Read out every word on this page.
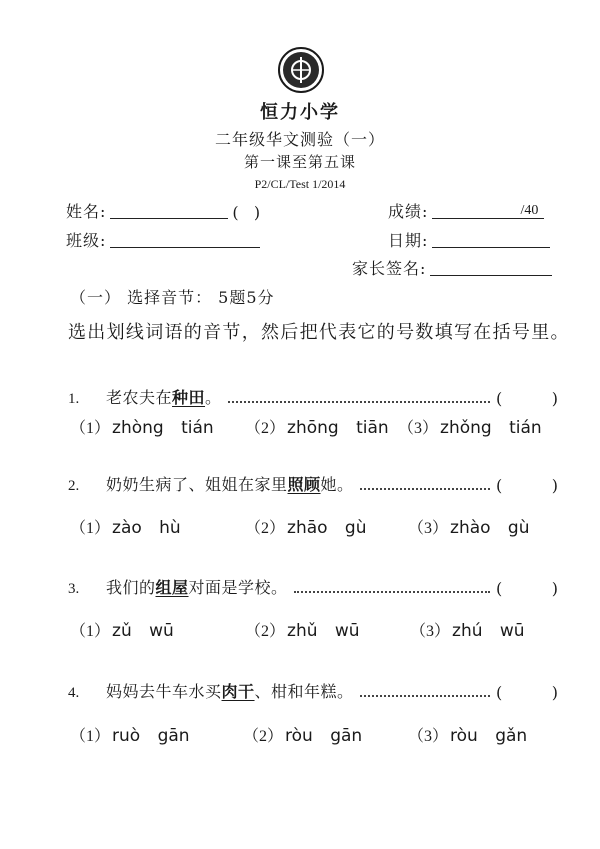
恒力小学
二年级华文测验（一）
第一课至第五课
P2/CL/Test 1/2014
姓名:	(   )	成绩:	/40
班级:	日期:
家长签名:
（一） 选择音节： 5题5分
选出划线词语的音节，然后把代表它的号数填写在括号里。
1.	老农夫在种田。	(	)
（1） zhòng tián （2） zhōng tiān （3） zhǒng tián
2.	奶奶生病了、姐姐在家里照顾她。	(	)
（1） zào hù	（2） zhāo gù	（3） zhào gù
3.	我们的组屋对面是学校。	(	)
（1） zǔ wū	（2） zhǔ wū	（3） zhú wū
4.	妈妈去牛车水买肉干、柑和年糕。	(	)
（1） ruò gān	（2） ròu gān	（3） ròu gǎn
